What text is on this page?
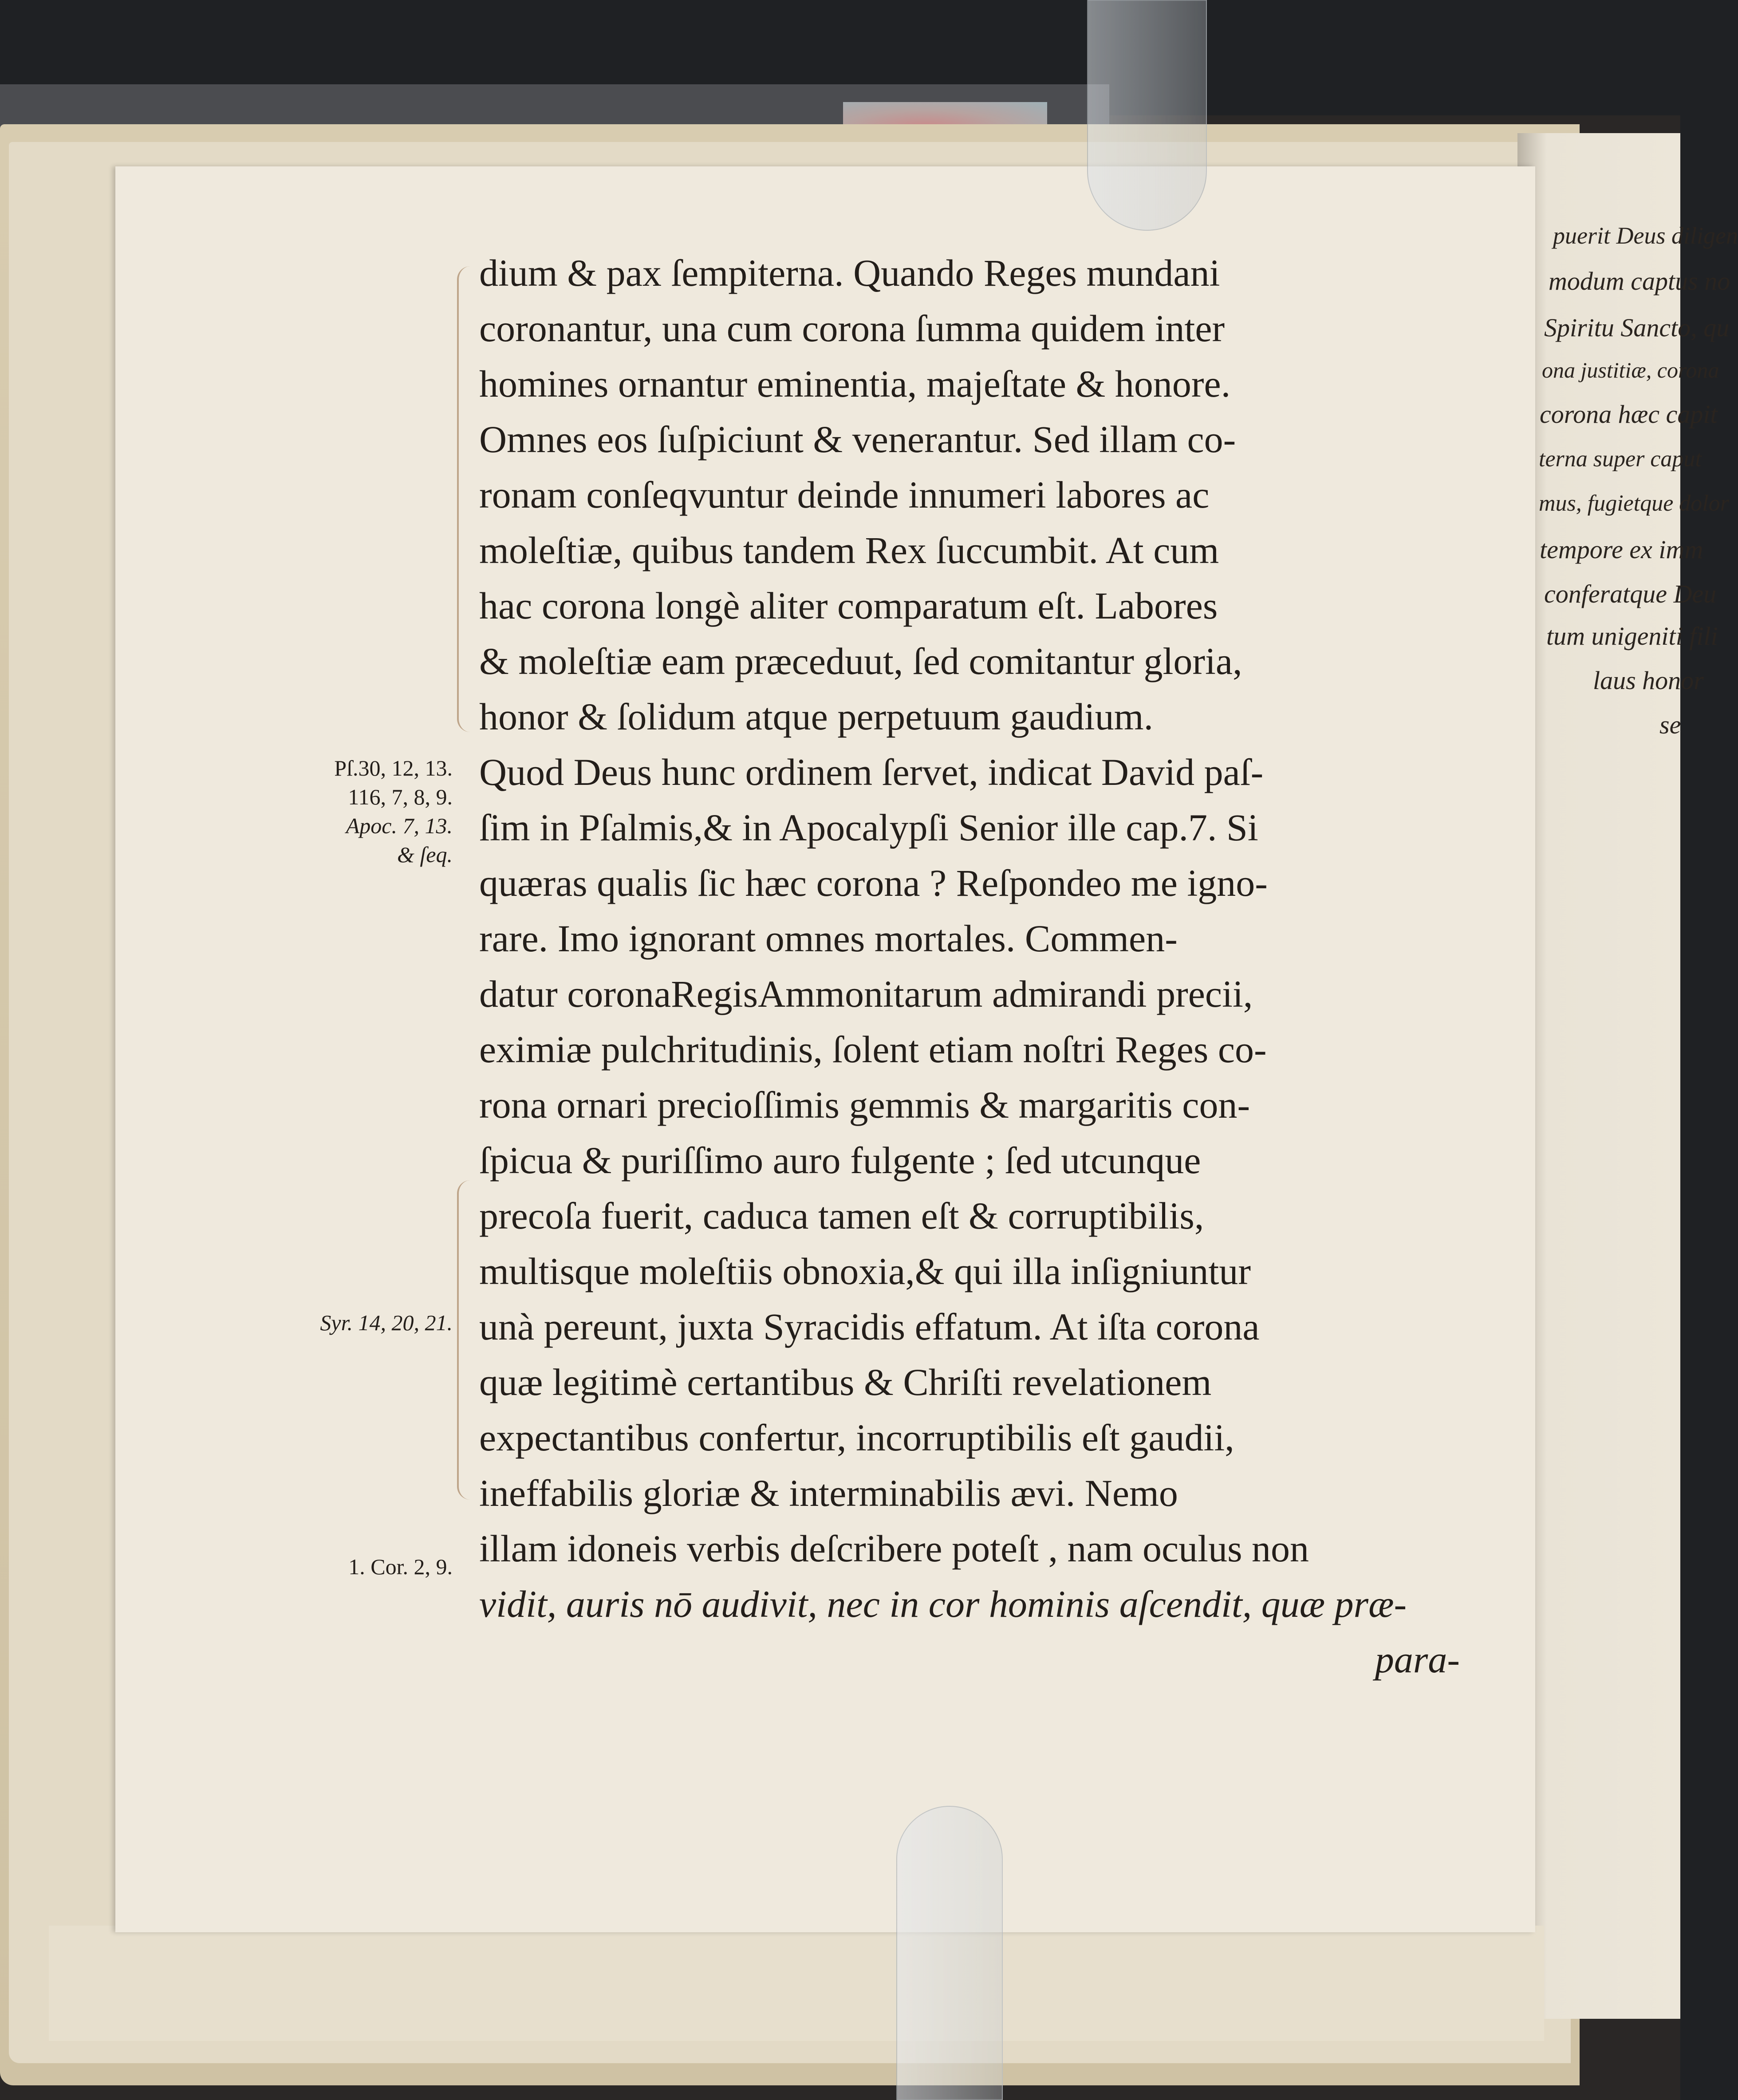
puerit Deus diligen
modum captus no
Spiritu Sancto, qu
ona justitiæ, corona
corona hæc capit
terna super caput
mus, fugietque dolor
tempore ex imm
conferatque Deu
tum unigeniti fili
laus honor
se
dium & pax ſempiterna. Quando Reges mundani
coronantur, una cum corona ſumma quidem inter
homines ornantur eminentia, majeſtate & honore.
Omnes eos ſuſpiciunt & venerantur. Sed illam co-
ronam conſeqvuntur deinde innumeri labores ac
moleſtiæ, quibus tandem Rex ſuccumbit. At cum
hac corona longè aliter comparatum eſt. Labores
& moleſtiæ eam præceduut, ſed comitantur gloria,
honor & ſolidum atque perpetuum gaudium.
Quod Deus hunc ordinem ſervet, indicat David paſ-
ſim in Pſalmis,& in Apocalypſi Senior ille cap.7. Si
quæras qualis ſic hæc corona ? Reſpondeo me igno-
rare. Imo ignorant omnes mortales. Commen-
datur coronaRegisAmmonitarum admirandi precii,
eximiæ pulchritudinis, ſolent etiam noſtri Reges co-
rona ornari precioſſimis gemmis & margaritis con-
ſpicua & puriſſimo auro fulgente ; ſed utcunque
precoſa fuerit, caduca tamen eſt & corruptibilis,
multisque moleſtiis obnoxia,& qui illa inſigniuntur
unà pereunt, juxta Syracidis effatum. At iſta corona
quæ legitimè certantibus & Chriſti revelationem
expectantibus confertur, incorruptibilis eſt gaudii,
ineffabilis gloriæ & interminabilis ævi. Nemo
illam idoneis verbis deſcribere poteſt , nam oculus non
vidit, auris nō audivit, nec in cor hominis aſcendit, quæ præ-
para-
Pſ.30, 12, 13.
116, 7, 8, 9.
Apoc. 7, 13.
& ſeq.
Syr. 14, 20, 21.
1. Cor. 2, 9.
